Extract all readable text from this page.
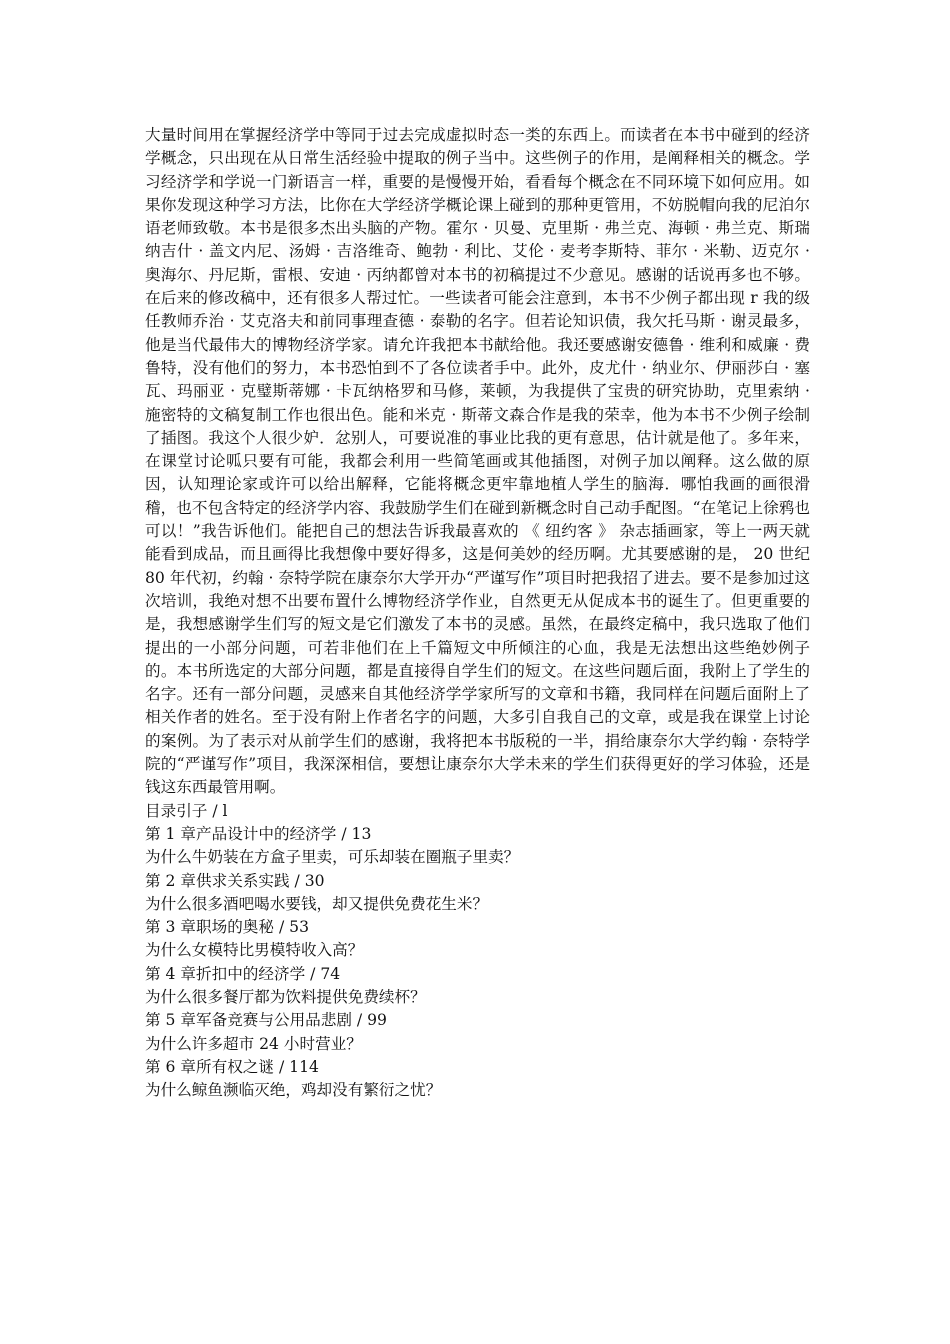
大量时间用在掌握经济学中等同于过去完成虚拟时态一类的东西上。而读者在本书中碰到的经济学概念，只出现在从日常生活经验中提取的例子当中。这些例子的作用，是阐释相关的概念。学习经济学和学说一门新语言一样，重要的是慢慢开始，看看每个概念在不同环境下如何应用。如果你发现这种学习方法，比你在大学经济学概论课上碰到的那种更管用，不妨脱帽向我的尼泊尔语老师致敬。本书是很多杰出头脑的产物。霍尔 · 贝曼、克里斯 · 弗兰克、海顿 · 弗兰克、斯瑞纳吉什 · 盖文内尼、汤姆 · 吉洛维奇、鲍勃 · 利比、艾伦 · 麦考李斯特、菲尔 · 米勒、迈克尔 · 奥海尔、丹尼斯，雷根、安迪 · 丙纳都曾对本书的初稿提过不少意见。感谢的话说再多也不够。在后来的修改稿中，还有很多人帮过忙。一些读者可能会注意到，本书不少例子都出现 r 我的级任教师乔治 · 艾克洛夫和前同事理查德 · 泰勒的名字。但若论知识债，我欠托马斯 · 谢灵最多，他是当代最伟大的博物经济学家。请允许我把本书献给他。我还要感谢安德鲁 · 维利和威廉 · 费鲁特，没有他们的努力，本书恐怕到不了各位读者手中。此外，皮尤什 · 纳业尔、伊丽莎白 · 塞瓦、玛丽亚 · 克璧斯蒂娜 · 卡瓦纳格罗和马修，莱顿，为我提供了宝贵的研究协助，克里索纳 · 施密特的文稿复制工作也很出色。能和米克 · 斯蒂文森合作是我的荣幸，他为本书不少例子绘制了插图。我这个人很少妒．忿别人，可要说准的事业比我的更有意思，估计就是他了。多年来，在课堂讨论呱只要有可能，我都会利用一些简笔画或其他插图，对例子加以阐释。这么做的原因，认知理论家或许可以给出解释，它能将概念更牢靠地植人学生的脑海．哪怕我画的画很滑稽，也不包含特定的经济学内容、我鼓励学生们在碰到新概念时自己动手配图。“在笔记上徐鸦也可以！”我告诉他们。能把自己的想法告诉我最喜欢的 《 纽约客 》 杂志插画家，等上一两天就能看到成品，而且画得比我想像中要好得多，这是何美妙的经历啊。尤其要感谢的是， 20 世纪 80 年代初，约翰 · 奈特学院在康奈尔大学开办“严谨写作”项目时把我招了进去。要不是参加过这次培训，我绝对想不出要布置什么博物经济学作业，自然更无从促成本书的诞生了。但更重要的是，我想感谢学生们写的短文是它们激发了本书的灵感。虽然，在最终定稿中，我只选取了他们提出的一小部分问题，可若非他们在上千篇短文中所倾注的心血，我是无法想出这些绝妙例子的。本书所选定的大部分问题，都是直接得自学生们的短文。在这些问题后面，我附上了学生的名字。还有一部分问题，灵感来自其他经济学学家所写的文章和书籍，我同样在问题后面附上了相关作者的姓名。至于没有附上作者名字的问题，大多引自我自己的文章，或是我在课堂上讨论的案例。为了表示对从前学生们的感谢，我将把本书版税的一半，捐给康奈尔大学约翰 · 奈特学院的“严谨写作”项目，我深深相信，要想让康奈尔大学未来的学生们获得更好的学习体验，还是钱这东西最管用啊。

目录引子 / l
第 1 章产品设计中的经济学 / 13
为什么牛奶装在方盒子里卖，可乐却装在圈瓶子里卖？
第 2 章供求关系实践 / 30
为什么很多酒吧喝水要钱，却又提供免费花生米？
第 3 章职场的奥秘 / 53
为什么女模特比男模特收入高？
第 4 章折扣中的经济学 / 74
为什么很多餐厅都为饮料提供免费续杯？
第 5 章军备竞赛与公用品悲剧 / 99
为什么许多超市 24 小时营业？
第 6 章所有权之谜 / 114
为什么鲸鱼濒临灭绝，鸡却没有繁衍之忧？
